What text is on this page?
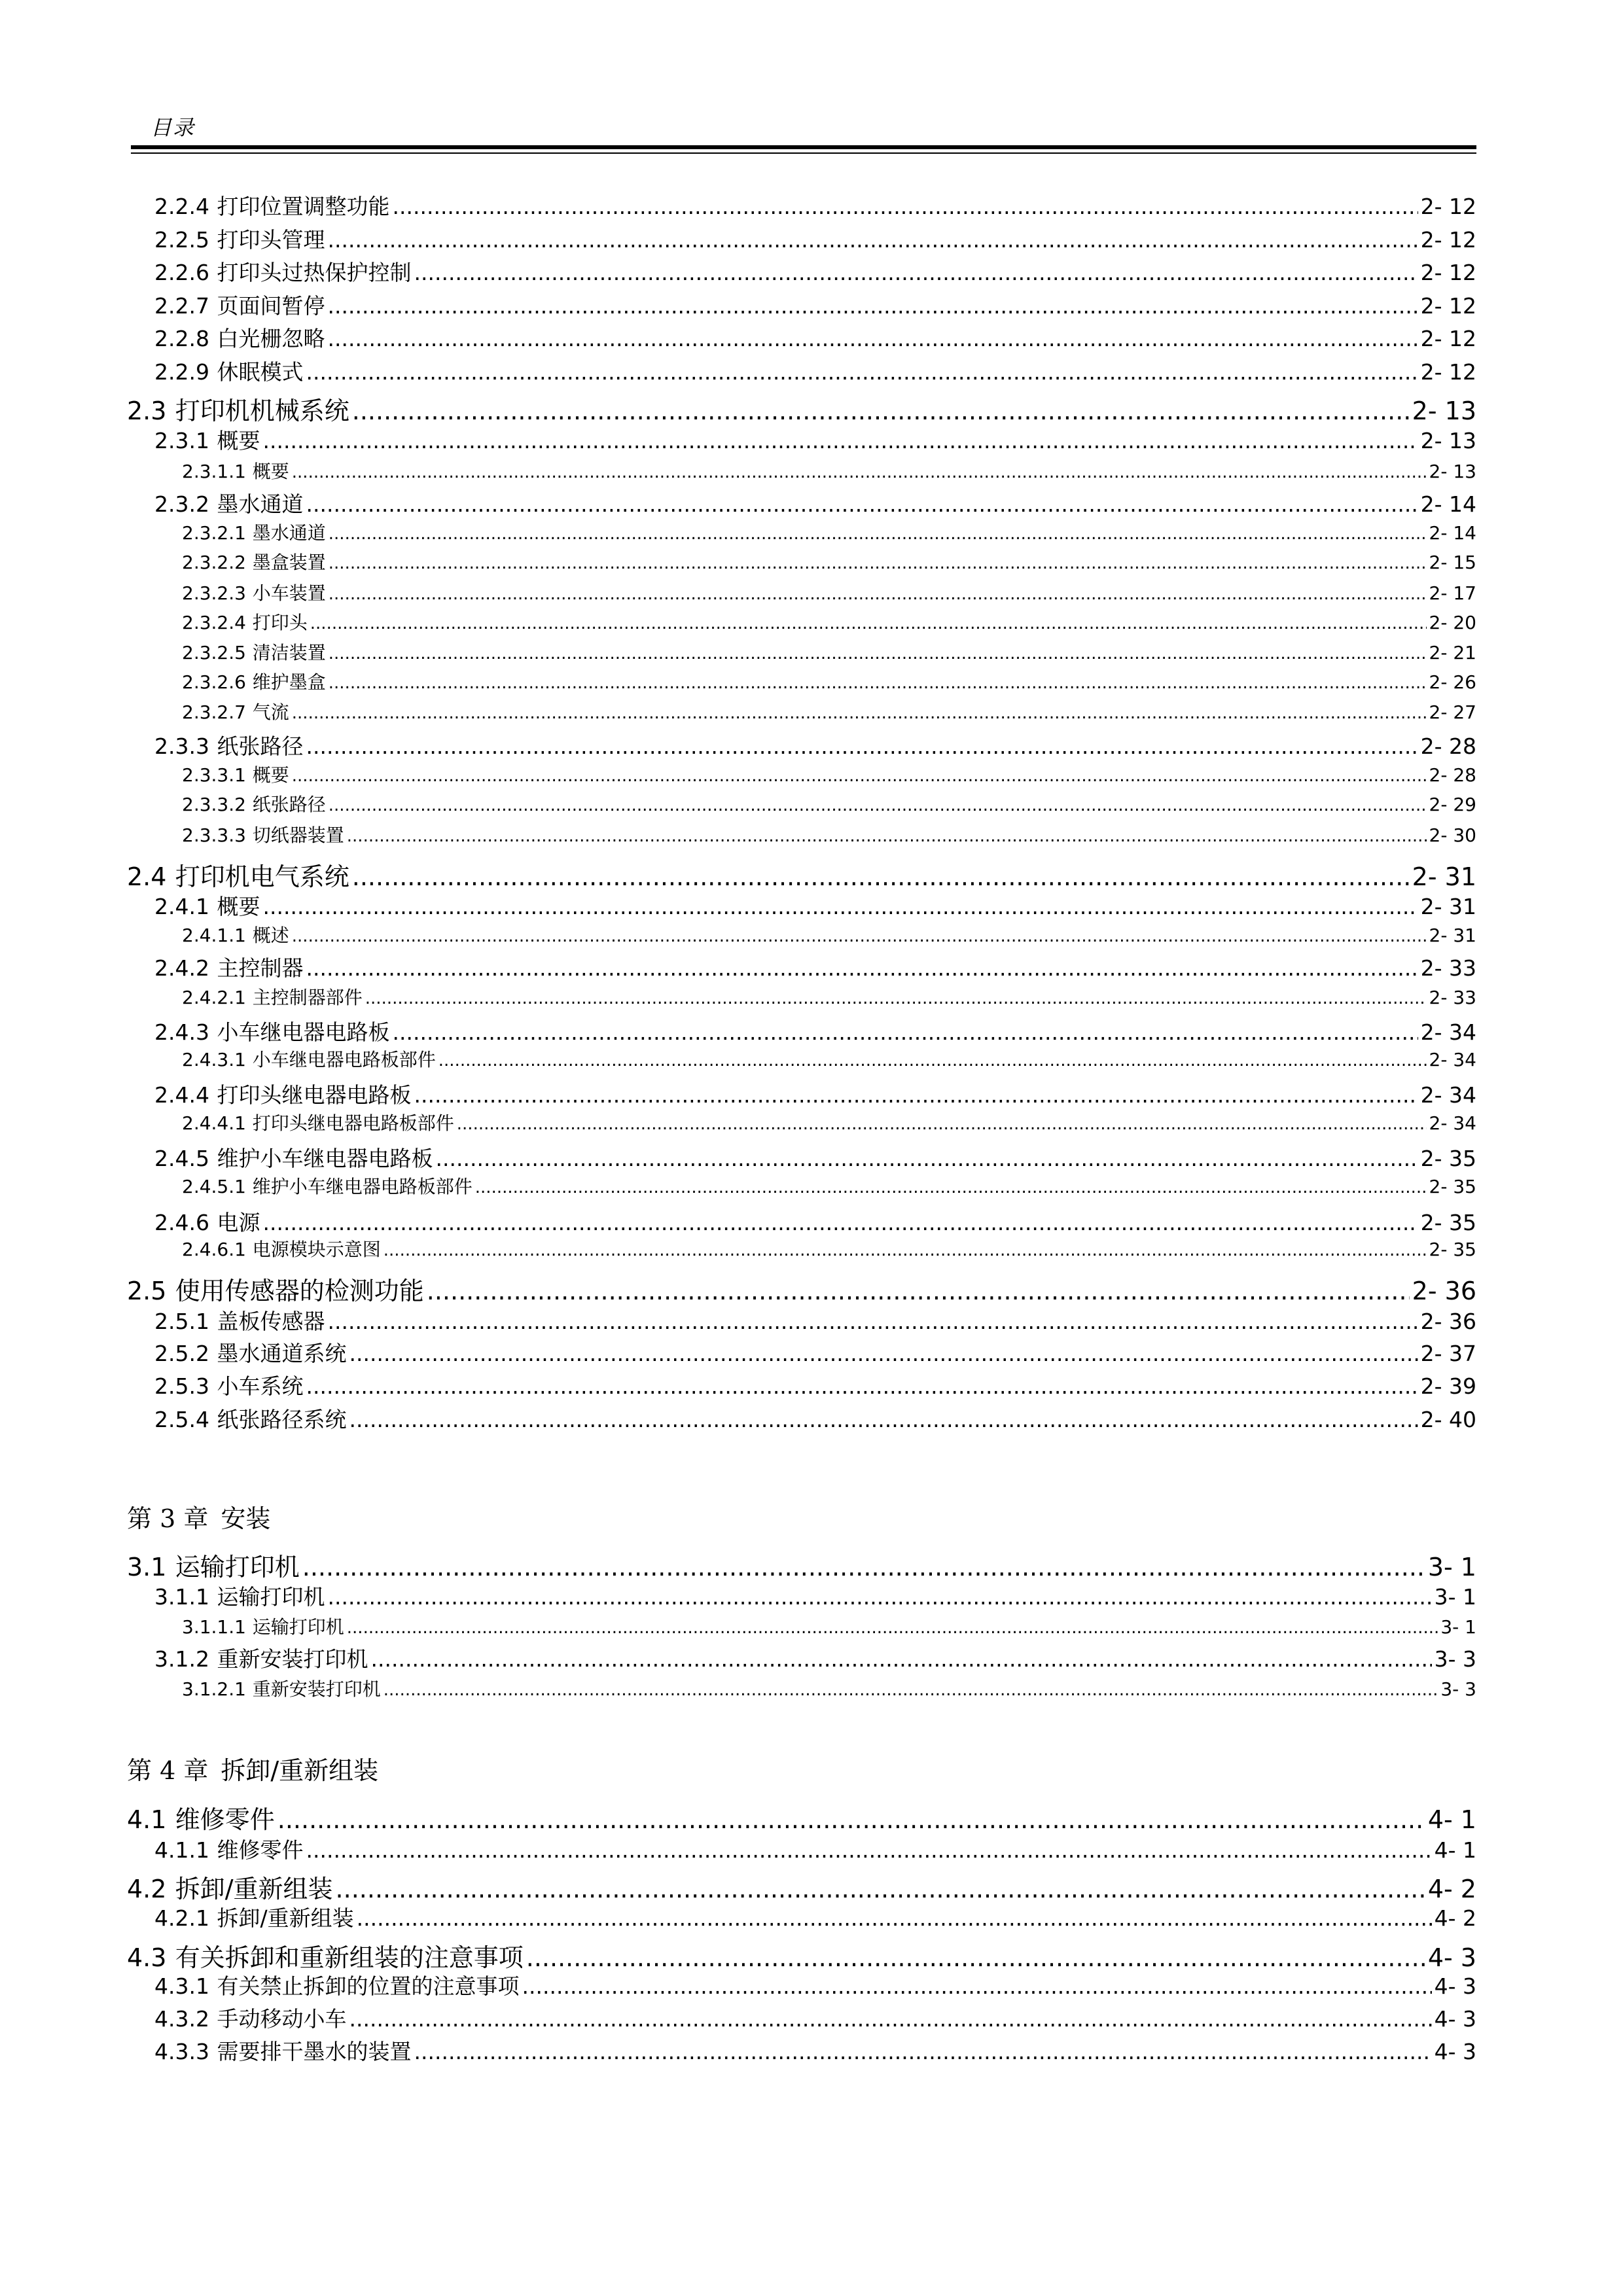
目录
2.2.4 打印位置调整功能 .....	2- 12
2.2.5 打印头管理 .....	2- 12
2.2.6 打印头过热保护控制 .....	2- 12
2.2.7 页面间暂停 .....	2- 12
2.2.8 白光栅忽略 .....	2- 12
2.2.9 休眠模式 .....	2- 12
2.3 打印机机械系统 .....	2- 13
2.3.1 概要 .....	2- 13
2.3.1.1 概要 .....	2- 13
2.3.2 墨水通道 .....	2- 14
2.3.2.1 墨水通道 .....	2- 14
2.3.2.2 墨盒装置 .....	2- 15
2.3.2.3 小车装置 .....	2- 17
2.3.2.4 打印头 .....	2- 20
2.3.2.5 清洁装置 .....	2- 21
2.3.2.6 维护墨盒 .....	2- 26
2.3.2.7 气流 .....	2- 27
2.3.3 纸张路径 .....	2- 28
2.3.3.1 概要 .....	2- 28
2.3.3.2 纸张路径 .....	2- 29
2.3.3.3 切纸器装置 .....	2- 30
2.4 打印机电气系统 .....	2- 31
2.4.1 概要 .....	2- 31
2.4.1.1 概述 .....	2- 31
2.4.2 主控制器 .....	2- 33
2.4.2.1 主控制器部件 .....	2- 33
2.4.3 小车继电器电路板 .....	2- 34
2.4.3.1 小车继电器电路板部件 .....	2- 34
2.4.4 打印头继电器电路板 .....	2- 34
2.4.4.1 打印头继电器电路板部件 .....	2- 34
2.4.5 维护小车继电器电路板 .....	2- 35
2.4.5.1 维护小车继电器电路板部件 .....	2- 35
2.4.6 电源 .....	2- 35
2.4.6.1 电源模块示意图 .....	2- 35
2.5 使用传感器的检测功能 .....	2- 36
2.5.1 盖板传感器 .....	2- 36
2.5.2 墨水通道系统 .....	2- 37
2.5.3 小车系统 .....	2- 39
2.5.4 纸张路径系统 .....	2- 40
第 3 章 安装
3.1 运输打印机 .....	3- 1
3.1.1 运输打印机 .....	3- 1
3.1.1.1 运输打印机 .....	3- 1
3.1.2 重新安装打印机 .....	3- 3
3.1.2.1 重新安装打印机 .....	3- 3
第 4 章 拆卸/重新组装
4.1 维修零件 .....	4- 1
4.1.1 维修零件 .....	4- 1
4.2 拆卸/重新组装 .....	4- 2
4.2.1 拆卸/重新组装 .....	4- 2
4.3 有关拆卸和重新组装的注意事项 .....	4- 3
4.3.1 有关禁止拆卸的位置的注意事项 .....	4- 3
4.3.2 手动移动小车 .....	4- 3
4.3.3 需要排干墨水的装置 .....	4- 3
